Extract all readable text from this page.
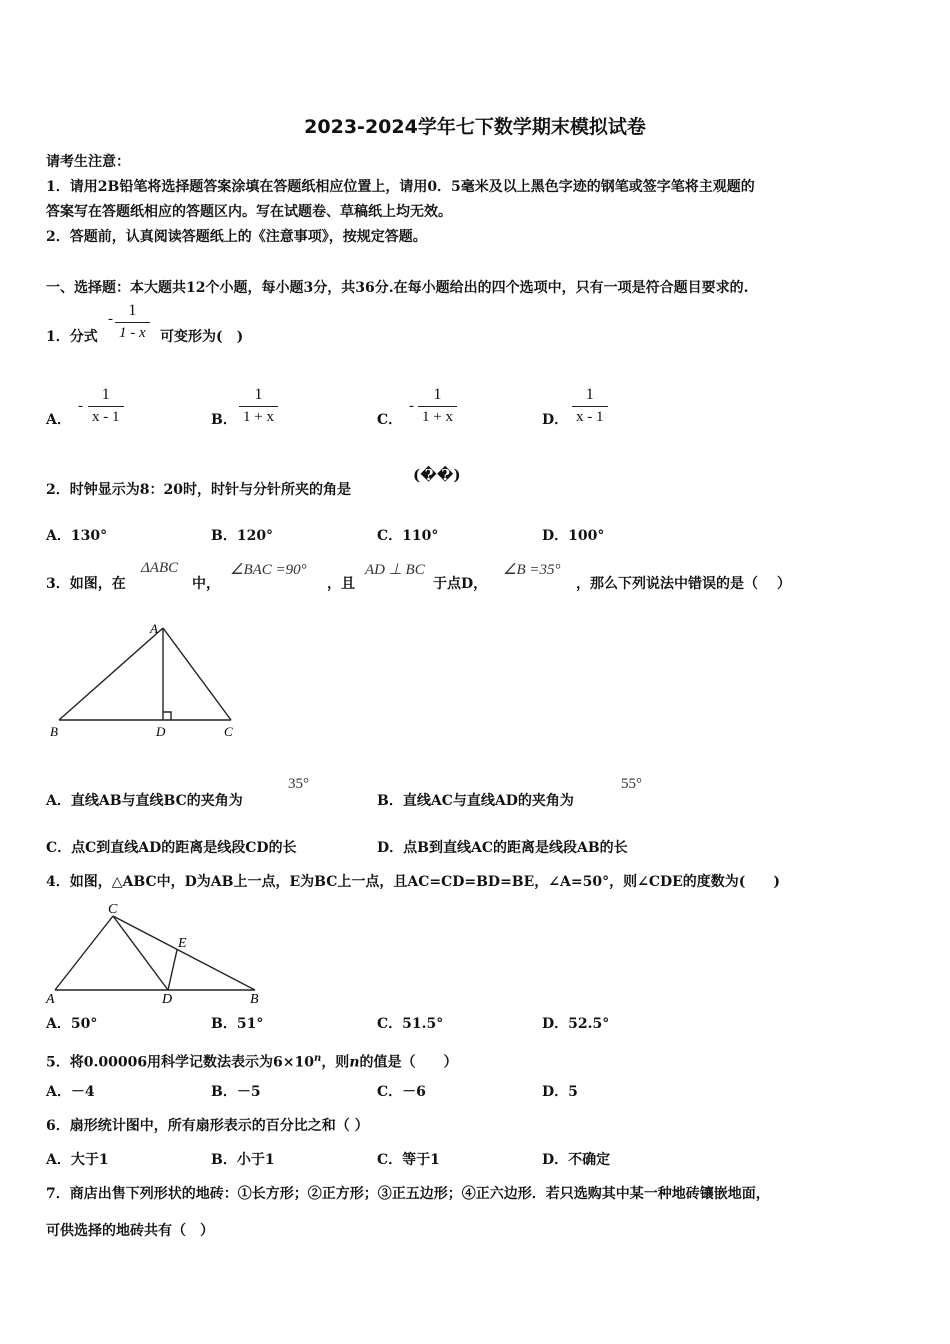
2023-2024学年七下数学期末模拟试卷
请考生注意：
1．请用2B铅笔将选择题答案涂填在答题纸相应位置上，请用0．5毫米及以上黑色字迹的钢笔或签字笔将主观题的
答案写在答题纸相应的答题区内。写在试题卷、草稿纸上均无效。
2．答题前，认真阅读答题纸上的《注意事项》，按规定答题。
一、选择题：本大题共12个小题，每小题3分，共36分.在每小题给出的四个选项中，只有一项是符合题目要求的.
1．分式
- $\frac{1}{1 - x}$ 可变形为(　)
A．
- $\frac{1}{x - 1}$	B． $\frac{1}{1 + x}$	C．
- $\frac{1}{1 + x}$	D． $\frac{1}{x - 1}$
2．时钟显示为8：20时，时针与分针所夹的角是
(��)
A．130°	B．120°	C．110°	D．100°
3．如图，在
ΔABC
中，
∠BAC =90°
，且
AD ⊥ BC
于点D，
∠B =35°
，那么下列说法中错误的是（　 ）
A
B	D	C
A．直线AB与直线BC的夹角为
35°
B．直线AC与直线AD的夹角为
55°
C．点C到直线AD的距离是线段CD的长	D．点B到直线AC的距离是线段AB的长
4．如图，△ABC中，D为AB上一点，E为BC上一点，且AC=CD=BD=BE，∠A=50°，则∠CDE的度数为(　　)
C
E
A	D	B
A．50°	B．51°	C．51.5°	D．52.5°
5．将0.00006用科学记数法表示为$6\times 10^n$，则n的值是（　　）
A．－4	B．－5	C．－6	D．5
6．扇形统计图中，所有扇形表示的百分比之和（ ）
A．大于1	B．小于1	C．等于1	D．不确定
7．商店出售下列形状的地砖：①长方形；②正方形；③正五边形；④正六边形．若只选购其中某一种地砖镶嵌地面，
可供选择的地砖共有（　）
